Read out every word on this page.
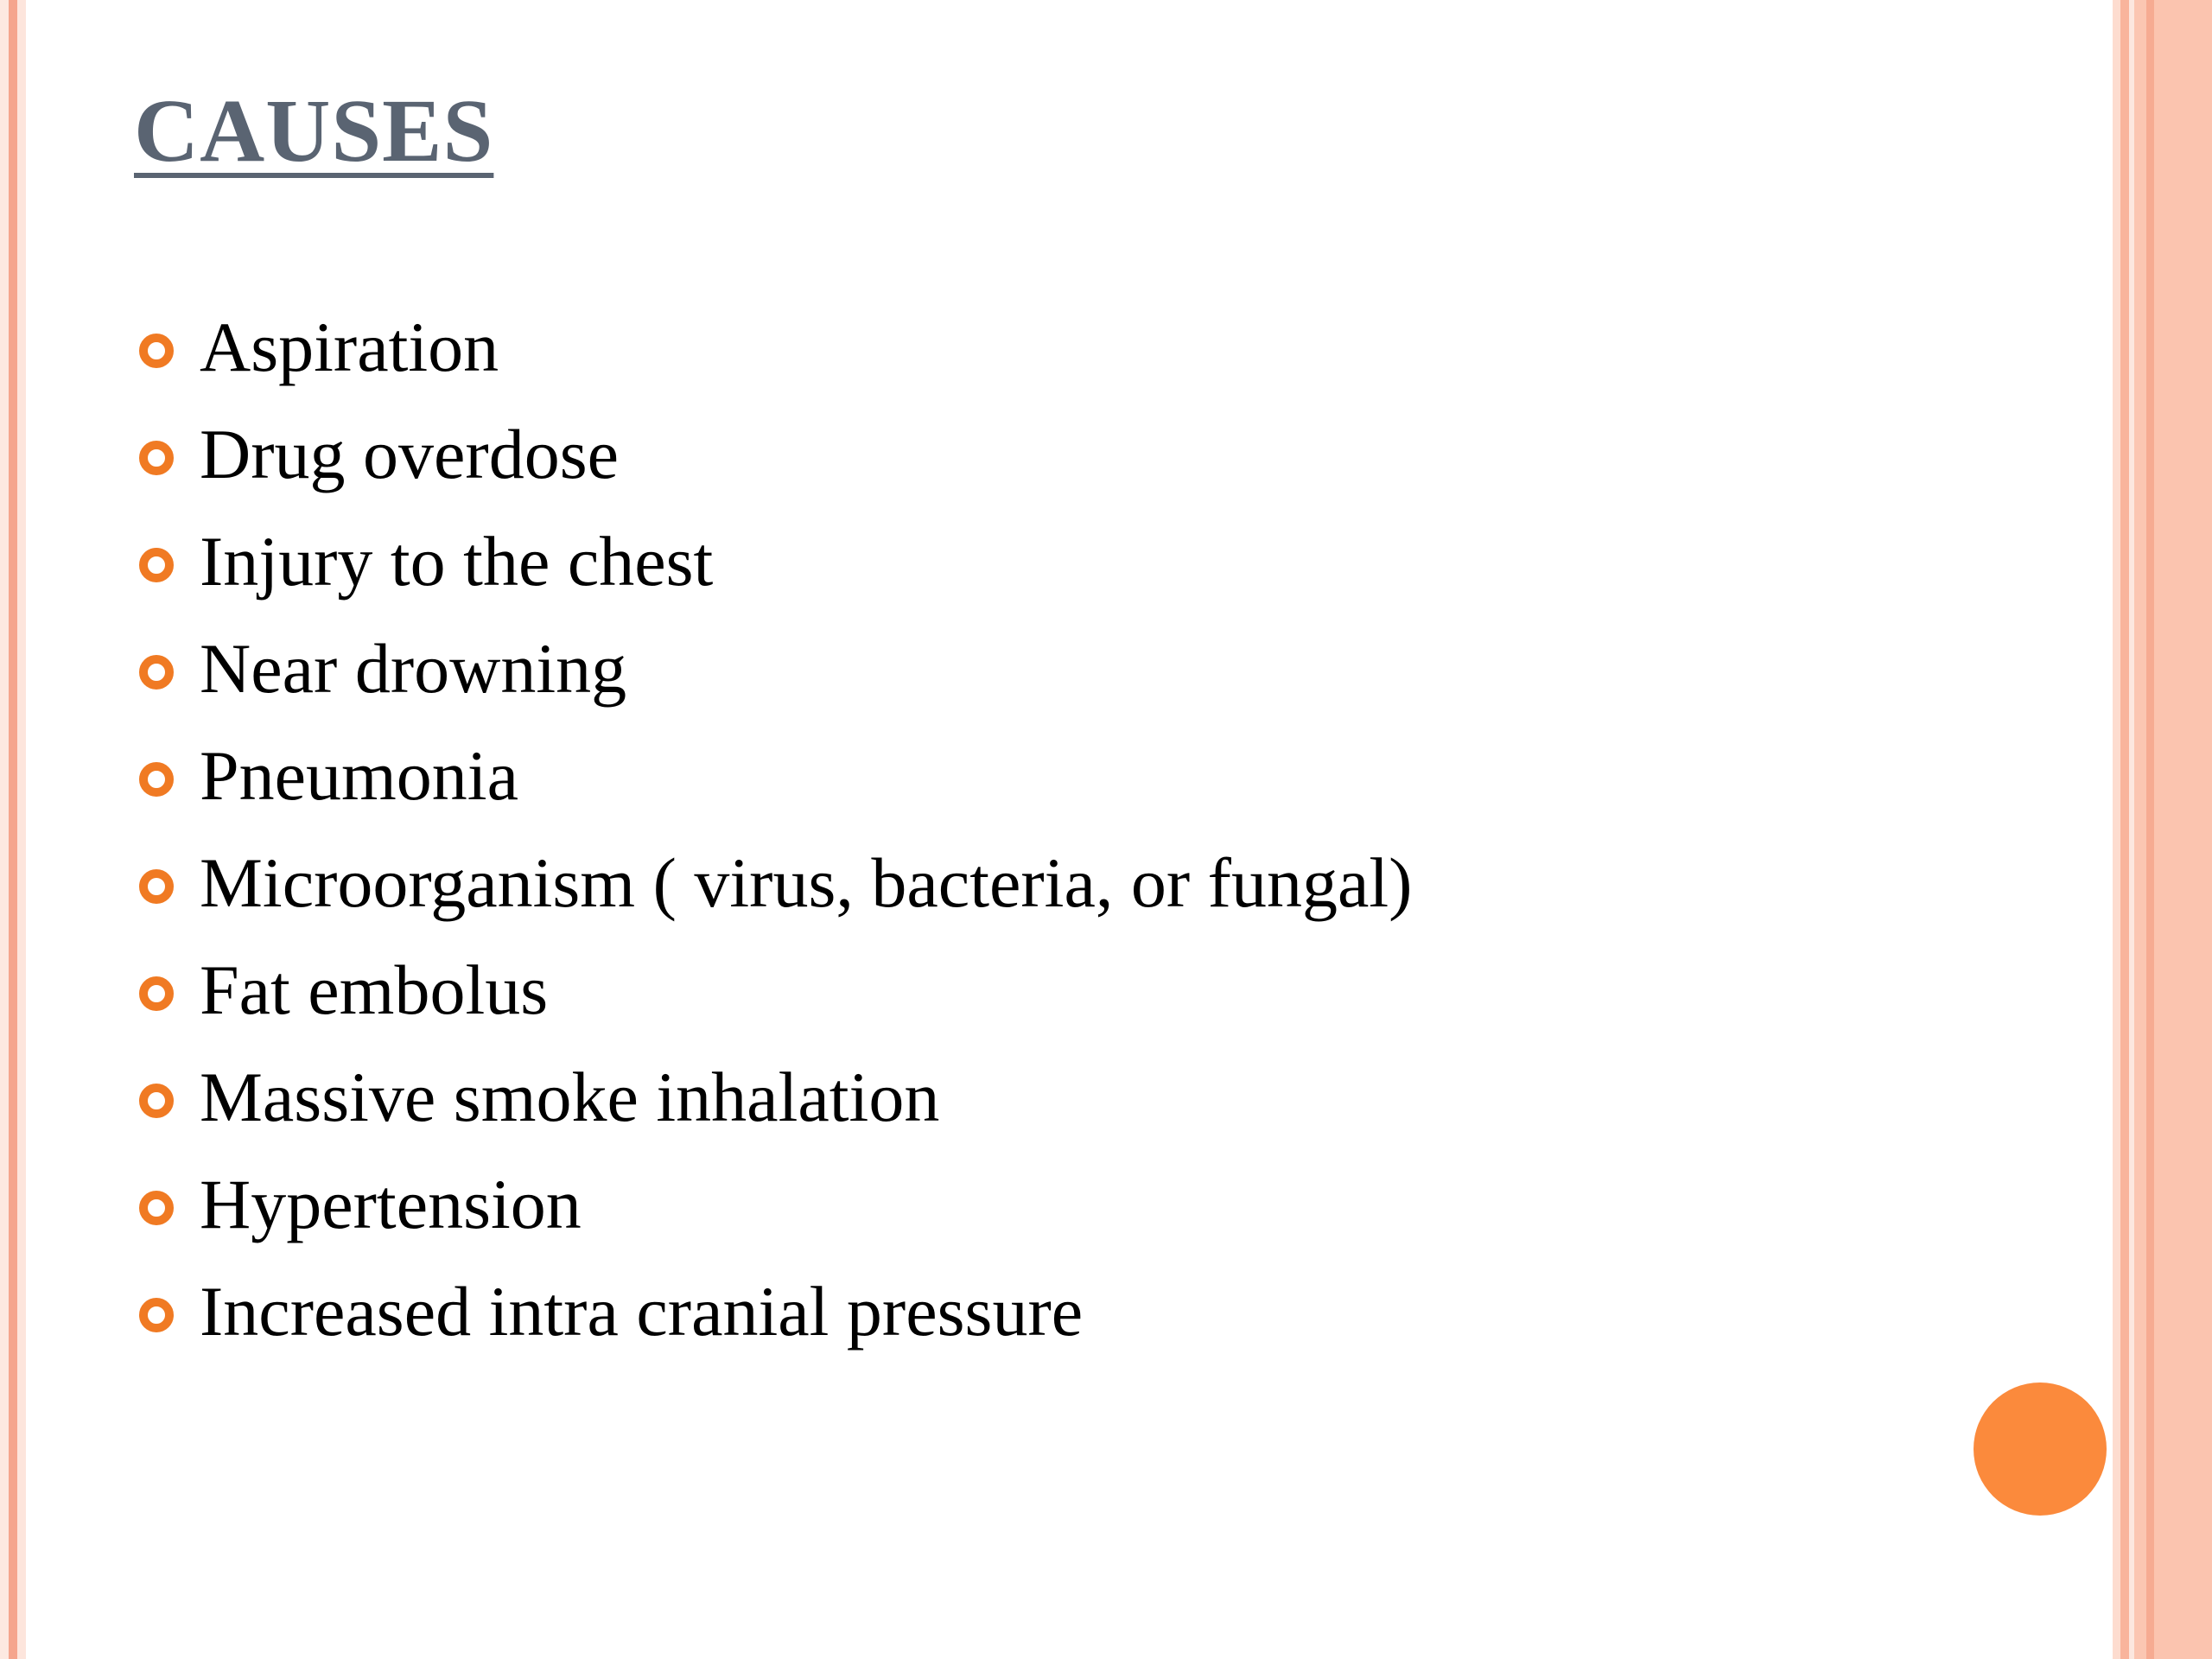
CAUSES
Aspiration
Drug overdose
Injury to the chest
Near drowning
Pneumonia
Microorganism ( virus, bacteria, or fungal)
Fat embolus
Massive smoke inhalation
Hypertension
Increased intra cranial pressure
